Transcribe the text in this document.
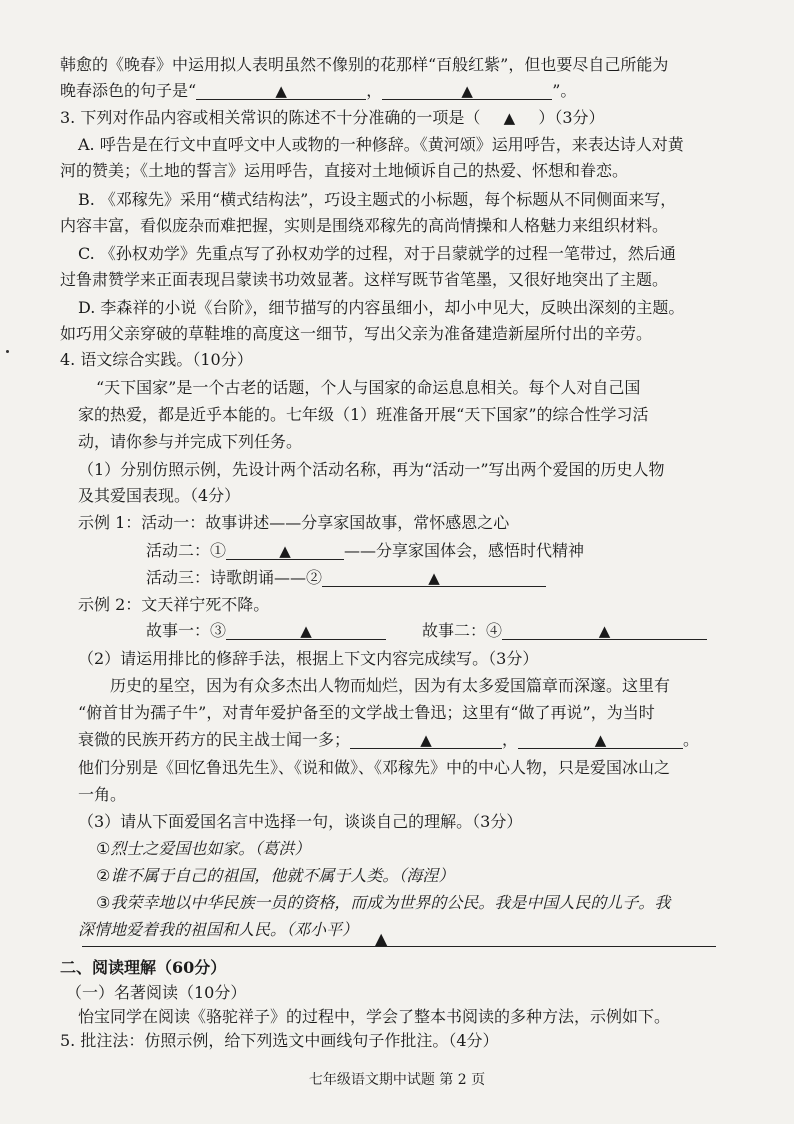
韩愈的《晚春》中运用拟人表明虽然不像别的花那样“百般红紫”，但也要尽自己所能为
晚春添色的句子是“	▲	，	▲	”。
3. 下列对作品内容或相关常识的陈述不十分准确的一项是（ ▲ ）（3分）
A. 呼告是在行文中直呼文中人或物的一种修辞。《黄河颂》运用呼告，来表达诗人对黄
河的赞美；《土地的誓言》运用呼告，直接对土地倾诉自己的热爱、怀想和眷恋。
B. 《邓稼先》采用“横式结构法”，巧设主题式的小标题，每个标题从不同侧面来写，
内容丰富，看似庞杂而难把握，实则是围绕邓稼先的高尚情操和人格魅力来组织材料。
C. 《孙权劝学》先重点写了孙权劝学的过程，对于吕蒙就学的过程一笔带过，然后通
过鲁肃赞学来正面表现吕蒙读书功效显著。这样写既节省笔墨，又很好地突出了主题。
D. 李森祥的小说《台阶》，细节描写的内容虽细小，却小中见大，反映出深刻的主题。
如巧用父亲穿破的草鞋堆的高度这一细节，写出父亲为准备建造新屋所付出的辛劳。
4. 语文综合实践。（10分）
“天下国家”是一个古老的话题，个人与国家的命运息息相关。每个人对自己国
家的热爱，都是近乎本能的。七年级（1）班准备开展“天下国家”的综合性学习活
动，请你参与并完成下列任务。
（1）分别仿照示例，先设计两个活动名称，再为“活动一”写出两个爱国的历史人物
及其爱国表现。（4分）
示例 1：活动一：故事讲述——分享家国故事，常怀感恩之心
活动二：①	▲	——分享家国体会，感悟时代精神
活动三：诗歌朗诵——②	▲
示例 2：文天祥宁死不降。
故事一：③	▲	故事二：④	▲
（2）请运用排比的修辞手法，根据上下文内容完成续写。（3分）
历史的星空，因为有众多杰出人物而灿烂，因为有太多爱国篇章而深邃。这里有
“俯首甘为孺子牛”，对青年爱护备至的文学战士鲁迅；这里有“做了再说”，为当时
衰微的民族开药方的民主战士闻一多；	▲	，	▲	。
他们分别是《回忆鲁迅先生》、《说和做》、《邓稼先》中的中心人物，只是爱国冰山之
一角。
（3）请从下面爱国名言中选择一句，谈谈自己的理解。（3分）
①烈士之爱国也如家。（葛洪）
②谁不属于自己的祖国，他就不属于人类。（海涅）
③我荣幸地以中华民族一员的资格，而成为世界的公民。我是中国人民的儿子。我
深情地爱着我的祖国和人民。（邓小平） ▲
二、阅读理解（60分）
（一）名著阅读（10分）
怡宝同学在阅读《骆驼祥子》的过程中，学会了整本书阅读的多种方法，示例如下。
5. 批注法：仿照示例，给下列选文中画线句子作批注。（4分）
七年级语文期中试题 第 2 页
